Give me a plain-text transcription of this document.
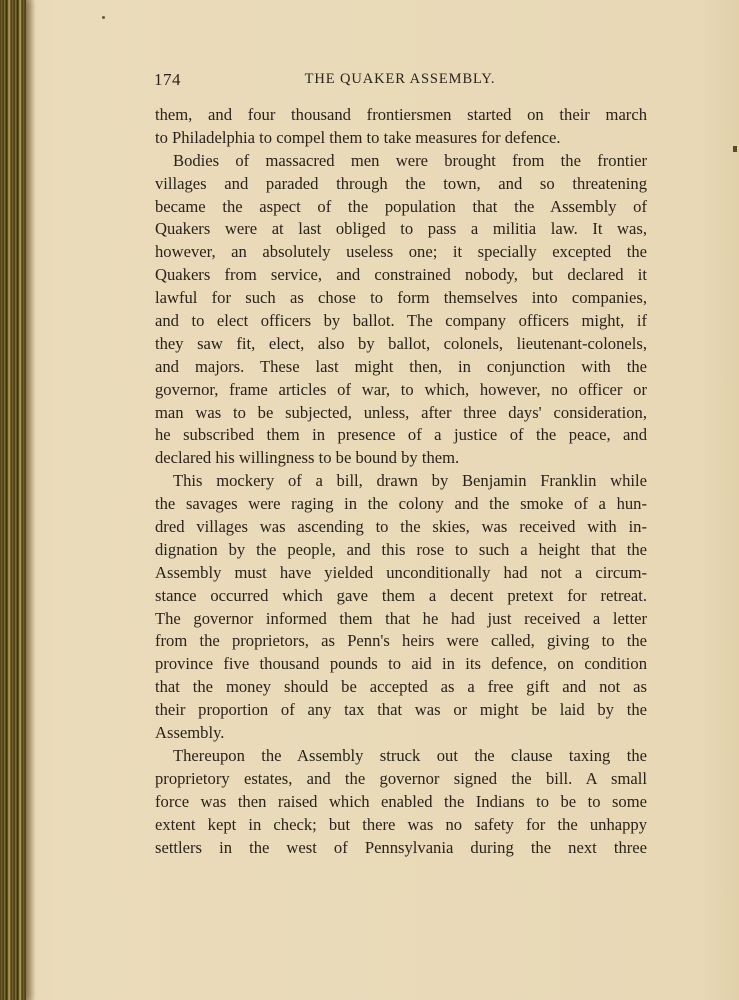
174	THE QUAKER ASSEMBLY.
them, and four thousand frontiersmen started on their march
to Philadelphia to compel them to take measures for defence.
Bodies of massacred men were brought from the frontier
villages and paraded through the town, and so threatening
became the aspect of the population that the Assembly of
Quakers were at last obliged to pass a militia law. It was,
however, an absolutely useless one; it specially excepted the
Quakers from service, and constrained nobody, but declared it
lawful for such as chose to form themselves into companies,
and to elect officers by ballot. The company officers might, if
they saw fit, elect, also by ballot, colonels, lieutenant-colonels,
and majors. These last might then, in conjunction with the
governor, frame articles of war, to which, however, no officer or
man was to be subjected, unless, after three days' consideration,
he subscribed them in presence of a justice of the peace, and
declared his willingness to be bound by them.
This mockery of a bill, drawn by Benjamin Franklin while
the savages were raging in the colony and the smoke of a hun-
dred villages was ascending to the skies, was received with in-
dignation by the people, and this rose to such a height that the
Assembly must have yielded unconditionally had not a circum-
stance occurred which gave them a decent pretext for retreat.
The governor informed them that he had just received a letter
from the proprietors, as Penn's heirs were called, giving to the
province five thousand pounds to aid in its defence, on condition
that the money should be accepted as a free gift and not as
their proportion of any tax that was or might be laid by the
Assembly.
Thereupon the Assembly struck out the clause taxing the
proprietory estates, and the governor signed the bill. A small
force was then raised which enabled the Indians to be to some
extent kept in check; but there was no safety for the unhappy
settlers in the west of Pennsylvania during the next three
